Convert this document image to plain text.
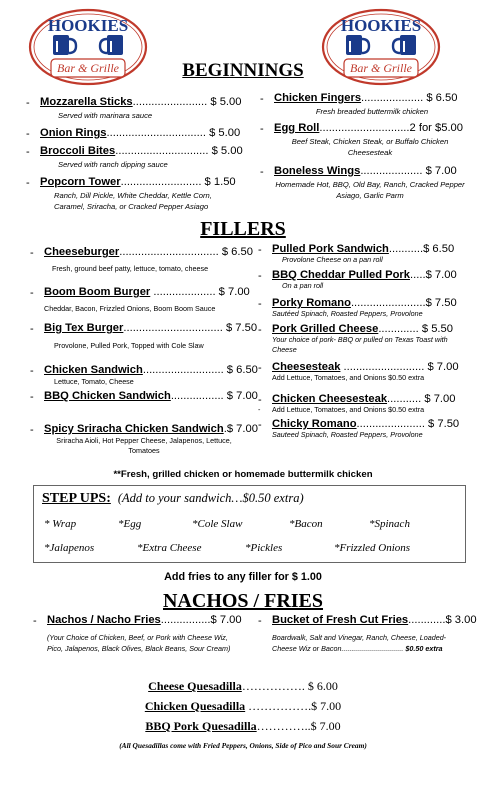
HOOKIES
Bar & Grille
HOOKIES
Bar & Grille
BEGINNINGS
- Mozzarella Sticks........................ $ 5.00
Served with marinara sauce
- Onion Rings................................ $ 5.00
- Broccoli Bites.............................. $ 5.00
Served with ranch dipping sauce
- Popcorn Tower.......................... $ 1.50
Ranch, Dill Pickle, White Cheddar, Kettle Corn, Caramel, Sriracha, or Cracked Pepper Asiago
- Chicken Fingers.................... $ 6.50
Fresh breaded buttermilk chicken
- Egg Roll.............................2 for $5.00
Beef Steak, Chicken Steak, or Buffalo Chicken Cheesesteak
- Boneless Wings.................... $ 7.00
Homemade Hot, BBQ, Old Bay, Ranch, Cracked Pepper Asiago, Garlic Parm
FILLERS
- Cheeseburger................................ $ 6.50
Fresh, ground beef patty, lettuce, tomato, cheese
- Boom Boom Burger .................... $ 7.00
Cheddar, Bacon, Frizzled Onions, Boom Boom Sauce
- Big Tex Burger................................ $ 7.50
Provolone, Pulled Pork, Topped with Cole Slaw
- Chicken Sandwich.......................... $ 6.50
Lettuce, Tomato, Cheese
- BBQ Chicken Sandwich................. $ 7.00
- Spicy Sriracha Chicken Sandwich.$ 7.00
Sriracha Aioli, Hot Pepper Cheese, Jalapenos, Lettuce, Tomatoes
- Pulled Pork Sandwich...........$ 6.50
Provolone Cheese on a pan roll
- BBQ Cheddar Pulled Pork.....$ 7.00
On a pan roll
- Porky Romano........................$ 7.50
Sautéed Spinach, Roasted Peppers, Provolone
- Pork Grilled Cheese............. $ 5.50
Your choice of pork- BBQ or pulled on Texas Toast with Cheese
- Cheesesteak .......................... $ 7.00
Add Lettuce, Tomatoes, and Onions $0.50 extra
- Chicken Cheesesteak........... $ 7.00
- Add Lettuce, Tomatoes, and Onions $0.50 extra
- Chicky Romano...................... $ 7.50
Sauteed Spinach, Roasted Peppers, Provolone
**Fresh, grilled chicken or homemade buttermilk chicken
STEP UPS: (Add to your sandwich…$0.50 extra)
* Wrap	*Egg	*Cole Slaw	*Bacon	*Spinach
*Jalapenos	*Extra Cheese	*Pickles	*Frizzled Onions
Add fries to any filler for $ 1.00
NACHOS / FRIES
- Nachos / Nacho Fries................$ 7.00
(Your Choice of Chicken, Beef, or Pork with Cheese Wiz, Pico, Jalapenos, Black Olives, Black Beans, Sour Cream)
- Bucket of Fresh Cut Fries............$ 3.00
Boardwalk, Salt and Vinegar, Ranch, Cheese, Loaded- Cheese Wiz or Bacon............................... $0.50 extra
Cheese Quesadilla……………. $ 6.00
Chicken Quesadilla …………….$ 7.00
BBQ Pork Quesadilla…………..$ 7.00
(All Quesadillas come with Fried Peppers, Onions, Side of Pico and Sour Cream)
